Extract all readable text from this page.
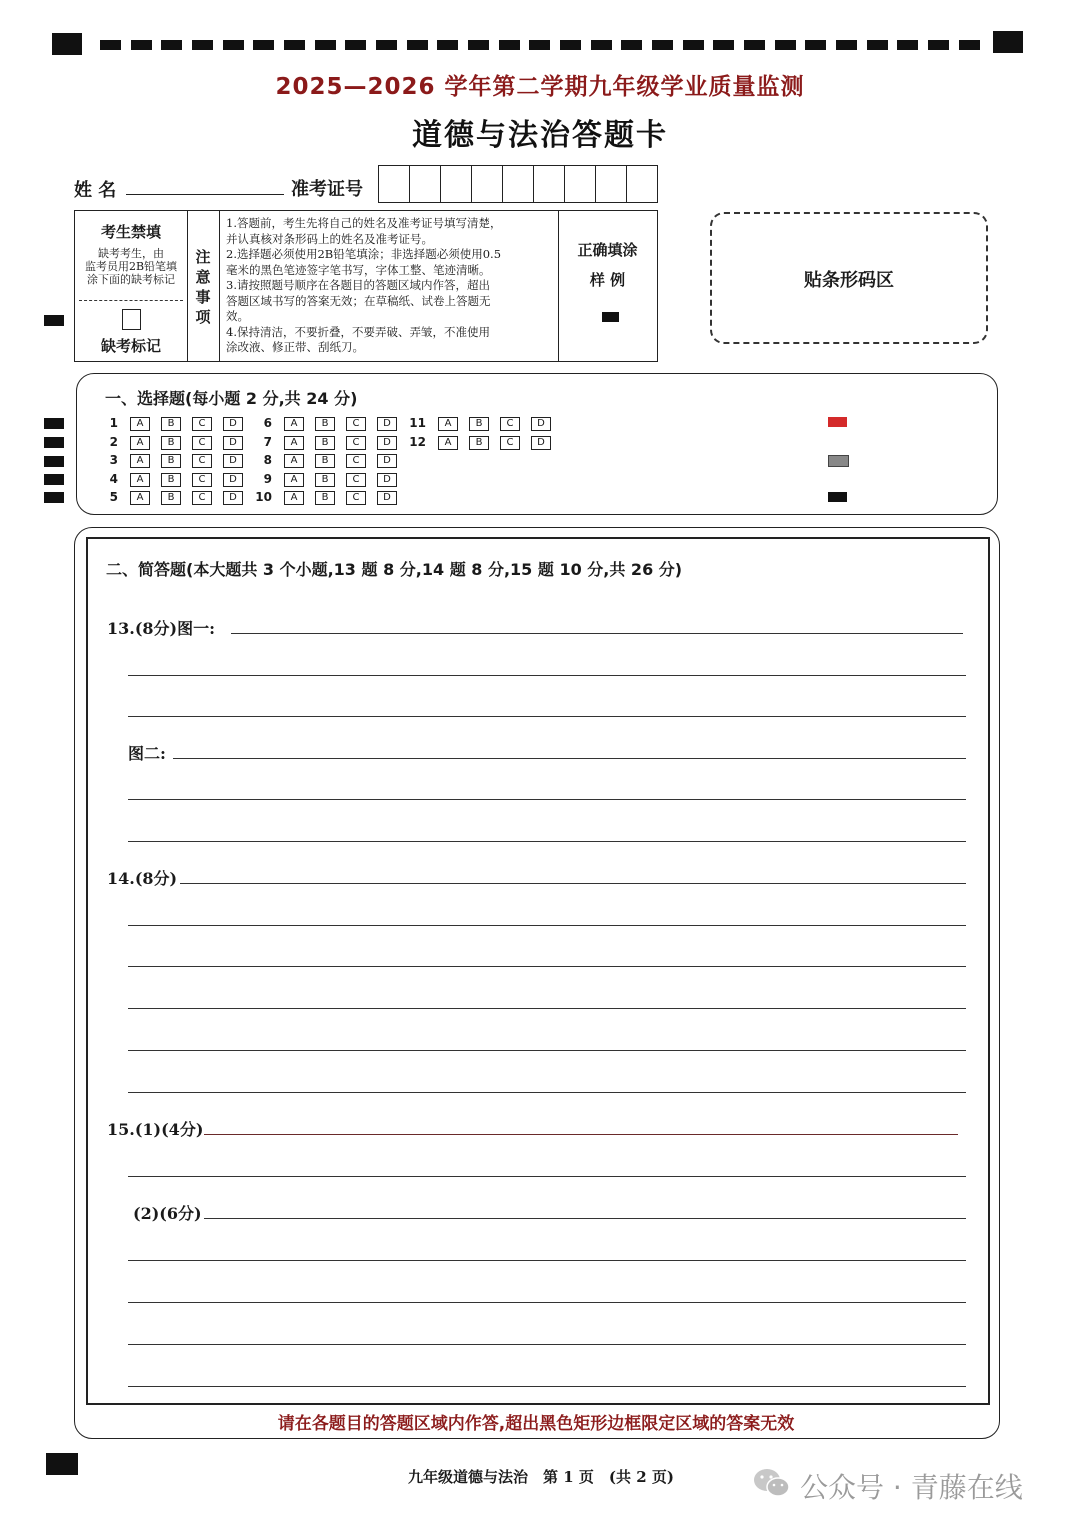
2025—2026 学年第二学期九年级学业质量监测
道德与法治答题卡
姓 名	准考证号
考生禁填
缺考考生，由
监考员用2B铅笔填
涂下面的缺考标记
缺考标记
注
意
事
项
1.答题前，考生先将自己的姓名及准考证号填写清楚，
并认真核对条形码上的姓名及准考证号。
2.选择题必须使用2B铅笔填涂；非选择题必须使用0.5
毫米的黑色笔迹签字笔书写，字体工整、笔迹清晰。
3.请按照题号顺序在各题目的答题区域内作答，超出
答题区域书写的答案无效；在草稿纸、试卷上答题无
效。
4.保持清洁，不要折叠，不要弄破、弄皱，不准使用
涂改液、修正带、刮纸刀。
正确填涂
样 例	贴条形码区
一、选择题(每小题 2 分,共 24 分)
1	A	B	C	D
2	A	B	C	D
3	A	B	C	D
4	A	B	C	D
5	A	B	C	D
6	A	B	C	D
7	A	B	C	D
8	A	B	C	D
9	A	B	C	D
10	A	B	C	D
11	A	B	C	D
12	A	B	C	D
二、简答题(本大题共 3 个小题,13 题 8 分,14 题 8 分,15 题 10 分,共 26 分)
13.(8分)图一:
图二:
14.(8分)
15.(1)(4分)
(2)(6分)
请在各题目的答题区域内作答,超出黑色矩形边框限定区域的答案无效
九年级道德与法治　第 1 页　(共 2 页)	公众号 · 青藤在线
